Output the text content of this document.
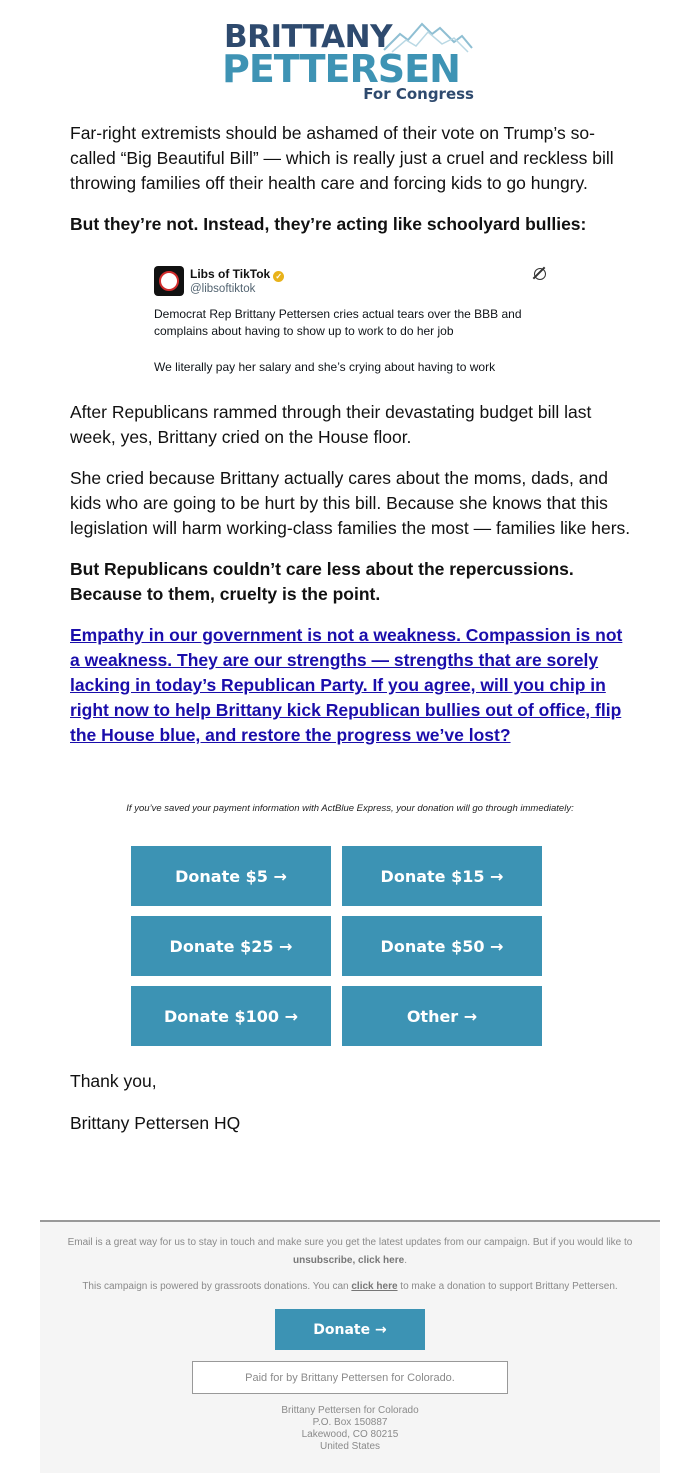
BRITTANY
PETTERSEN
For Congress

Far-right extremists should be ashamed of their vote on Trump’s so-called “Big Beautiful Bill” — which is really just a cruel and reckless bill throwing families off their health care and forcing kids to go hungry.

But they’re not. Instead, they’re acting like schoolyard bullies:

Libs of TikTok ✓
@libsoftiktok
Democrat Rep Brittany Pettersen cries actual tears over the BBB and complains about having to show up to work to do her job
We literally pay her salary and she’s crying about having to work

After Republicans rammed through their devastating budget bill last week, yes, Brittany cried on the House floor.

She cried because Brittany actually cares about the moms, dads, and kids who are going to be hurt by this bill. Because she knows that this legislation will harm working-class families the most — families like hers.

But Republicans couldn’t care less about the repercussions. Because to them, cruelty is the point.

Empathy in our government is not a weakness. Compassion is not a weakness. They are our strengths — strengths that are sorely lacking in today’s Republican Party. If you agree, will you chip in right now to help Brittany kick Republican bullies out of office, flip the House blue, and restore the progress we’ve lost?

If you’ve saved your payment information with ActBlue Express, your donation will go through immediately:
Donate $5 →	Donate $15 →
Donate $25 →	Donate $50 →
Donate $100 →	Other →
Thank you,
Brittany Pettersen HQ
Email is a great way for us to stay in touch and make sure you get the latest updates from our campaign. But if you would like to unsubscribe, click here.
This campaign is powered by grassroots donations. You can click here to make a donation to support Brittany Pettersen.
Donate →
Paid for by Brittany Pettersen for Colorado.
Brittany Pettersen for Colorado
P.O. Box 150887
Lakewood, CO 80215
United States
